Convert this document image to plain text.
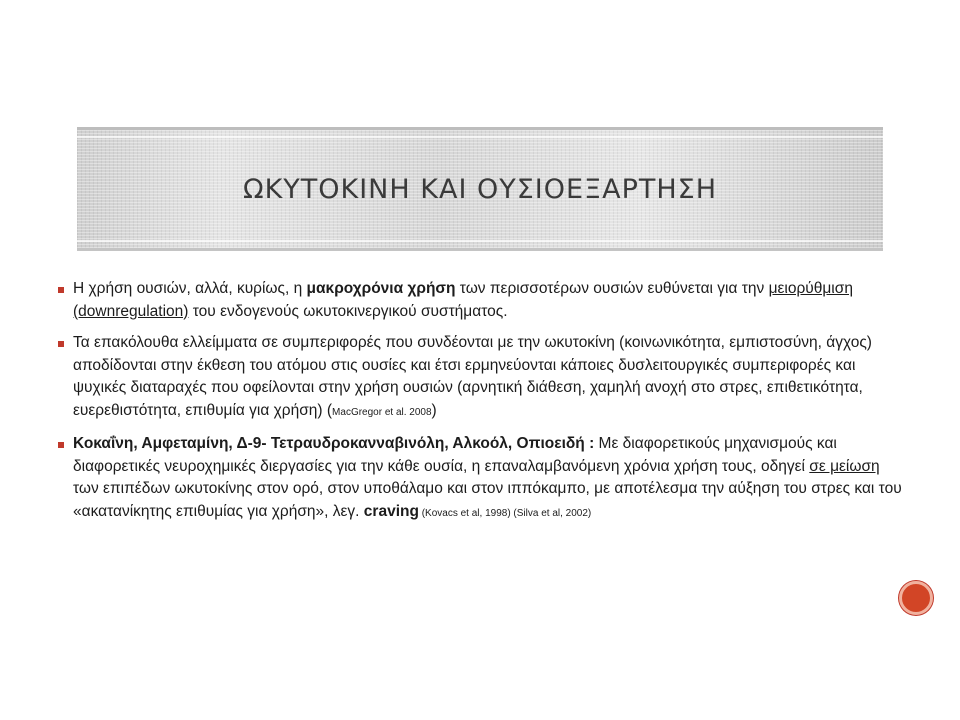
ΩΚΥΤΟΚΙΝΗ ΚΑΙ ΟΥΣΙΟΕΞΑΡΤΗΣΗ
Η χρήση ουσιών, αλλά, κυρίως, η μακροχρόνια χρήση των περισσοτέρων ουσιών ευθύνεται για την μειορύθμιση (downregulation) του ενδογενούς ωκυτοκινεργικού συστήματος.
Τα επακόλουθα ελλείμματα σε συμπεριφορές που συνδέονται με την ωκυτοκίνη (κοινωνικότητα, εμπιστοσύνη, άγχος) αποδίδονται στην έκθεση του ατόμου στις ουσίες και έτσι ερμηνεύονται κάποιες δυσλειτουργικές συμπεριφορές και ψυχικές διαταραχές που οφείλονται στην χρήση ουσιών (αρνητική διάθεση, χαμηλή ανοχή στο στρες, επιθετικότητα, ευερεθιστότητα, επιθυμία για χρήση) (MacGregor et al. 2008)
Κοκαΐνη, Αμφεταμίνη, Δ-9- Τετραυδροκανναβινόλη, Αλκοόλ, Οπιοειδή : Με διαφορετικούς μηχανισμούς και διαφορετικές νευροχημικές διεργασίες για την κάθε ουσία, η επαναλαμβανόμενη χρόνια χρήση τους, οδηγεί σε μείωση των επιπέδων ωκυτοκίνης στον ορό, στον υποθάλαμο και στον ιππόκαμπο, με αποτέλεσμα την αύξηση του στρες και του «ακατανίκητης επιθυμίας για χρήση», λεγ. craving (Kovacs et al, 1998) (Silva et al, 2002)
